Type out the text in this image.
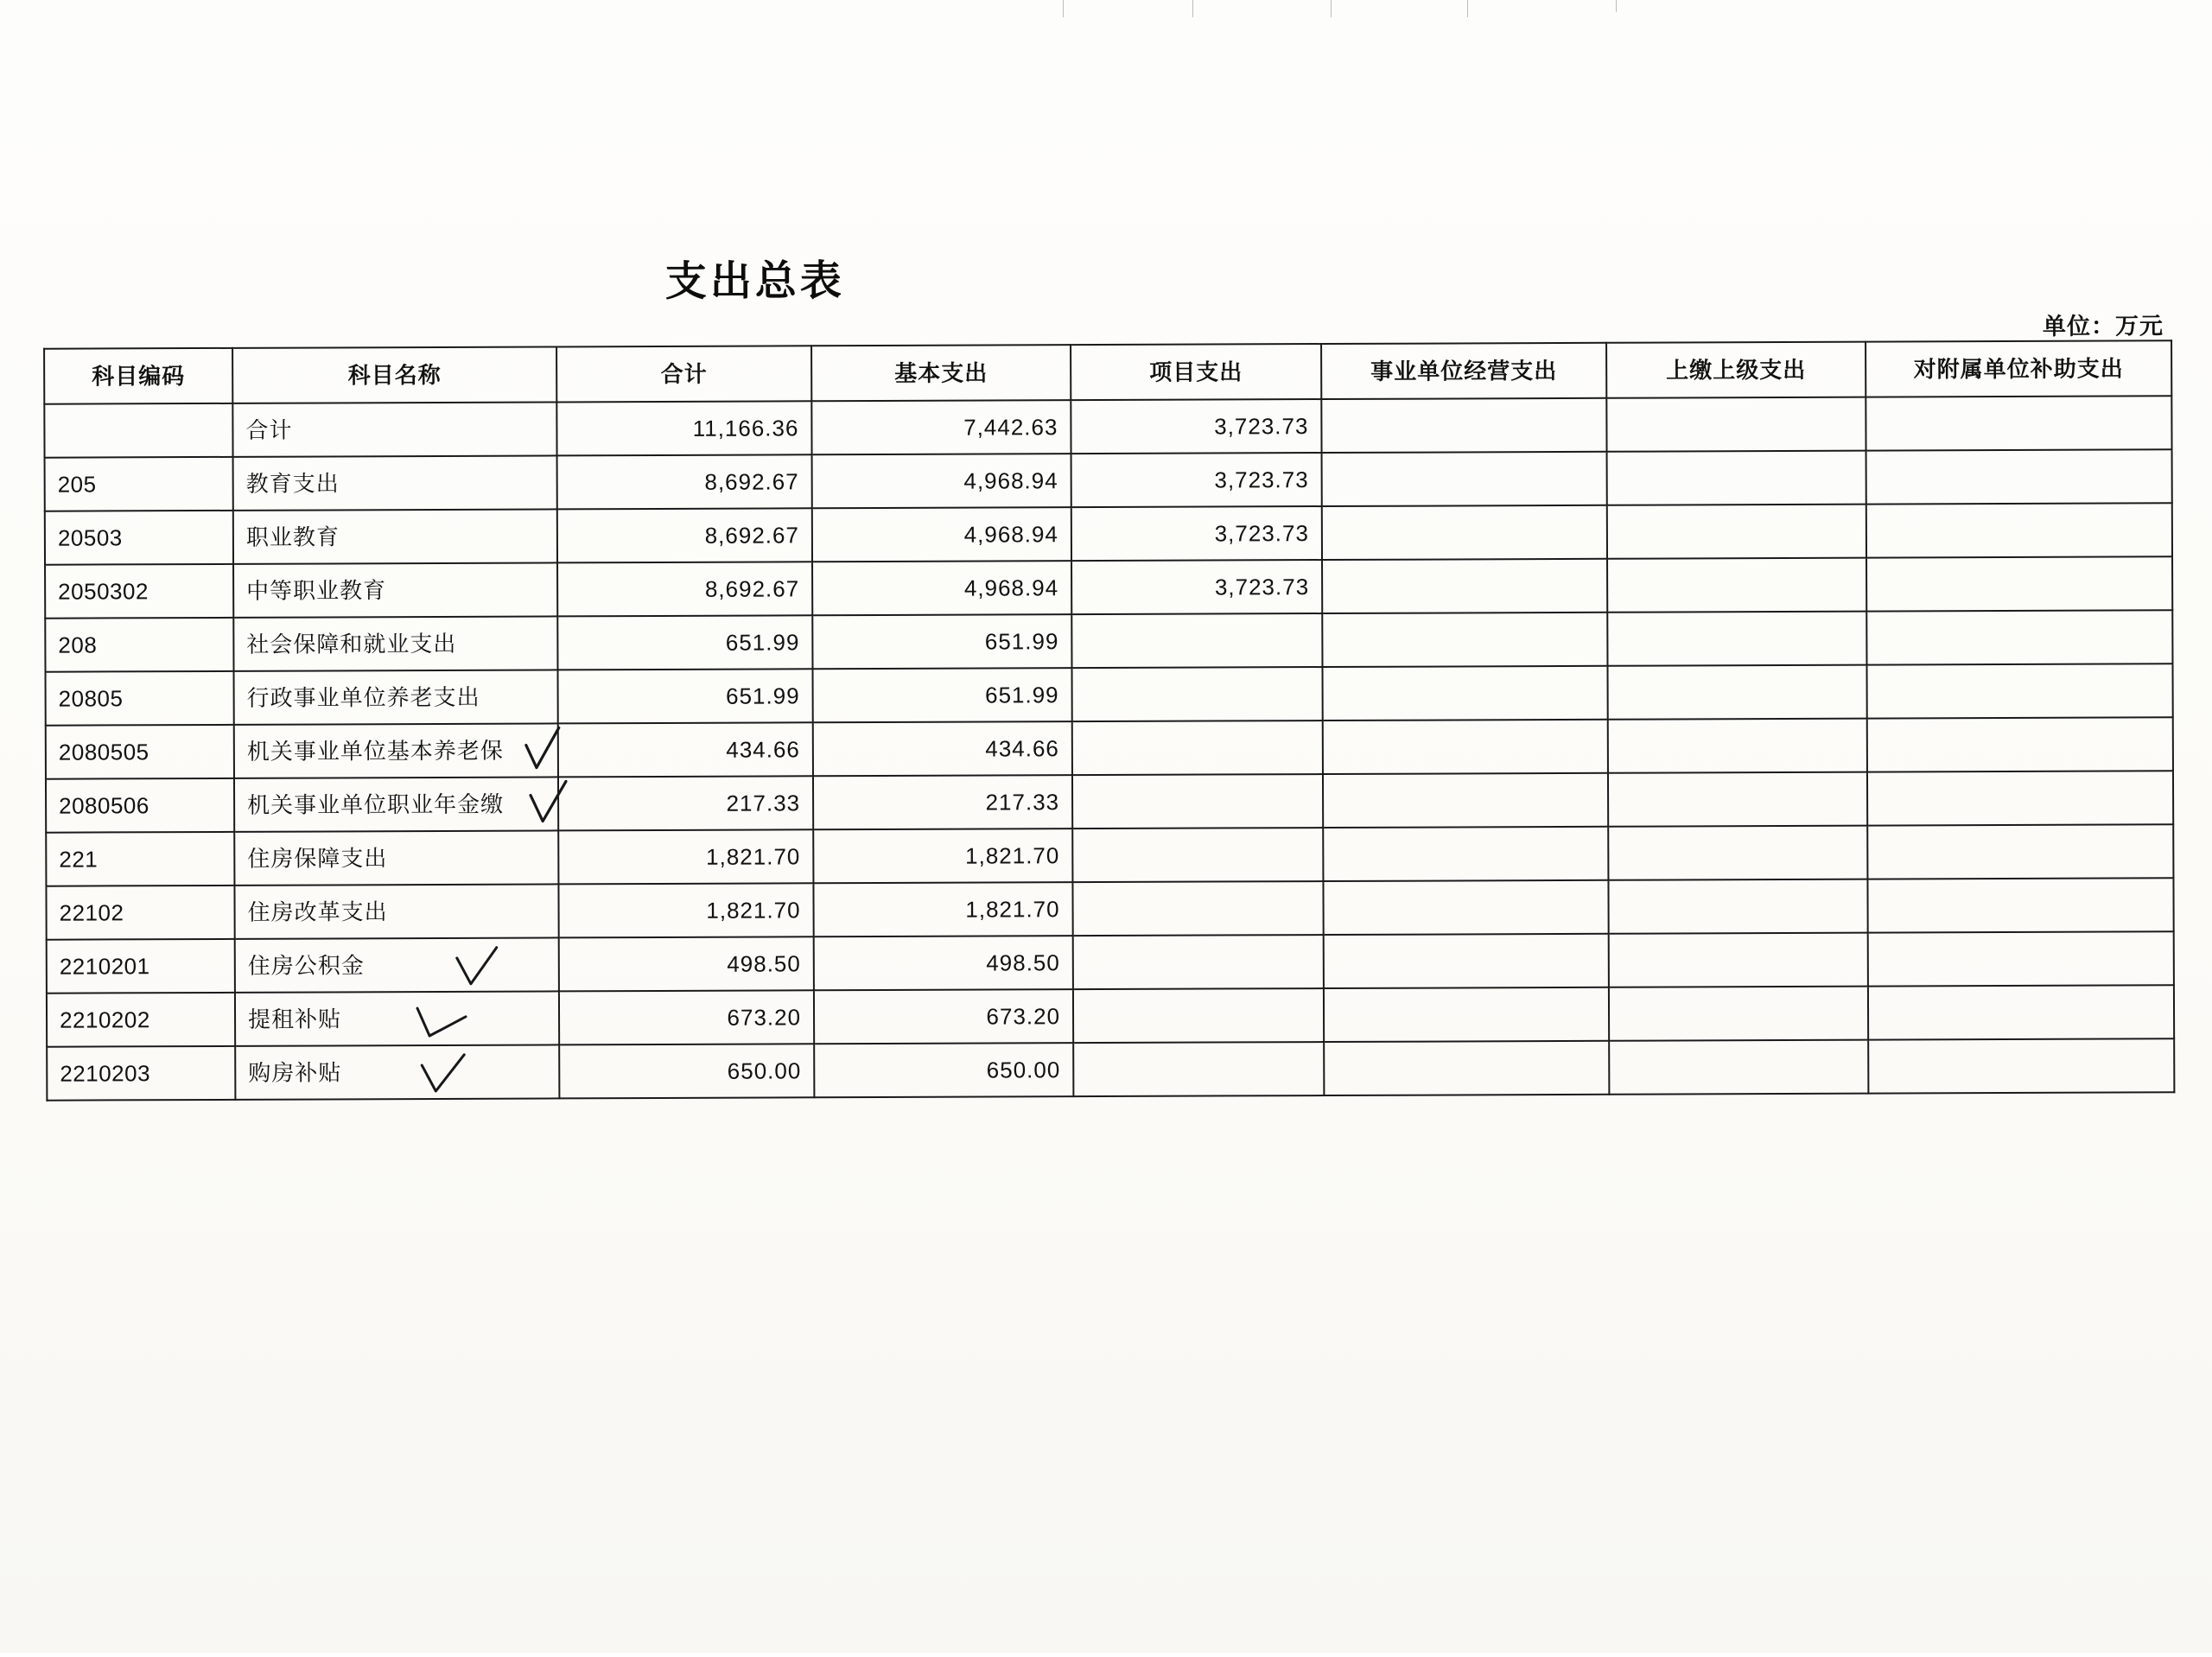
支出总表
单位：万元
科目编码	科目名称	合计	基本支出	项目支出	事业单位经营支出	上缴上级支出	对附属单位补助支出
	合计	11,166.36	7,442.63	3,723.73			
205	教育支出	8,692.67	4,968.94	3,723.73			
20503	职业教育	8,692.67	4,968.94	3,723.73			
2050302	中等职业教育	8,692.67	4,968.94	3,723.73			
208	社会保障和就业支出	651.99	651.99				
20805	行政事业单位养老支出	651.99	651.99				
2080505	机关事业单位基本养老保	434.66	434.66				
2080506	机关事业单位职业年金缴	217.33	217.33				
221	住房保障支出	1,821.70	1,821.70				
22102	住房改革支出	1,821.70	1,821.70				
2210201	住房公积金	498.50	498.50				
2210202	提租补贴	673.20	673.20				
2210203	购房补贴	650.00	650.00				
